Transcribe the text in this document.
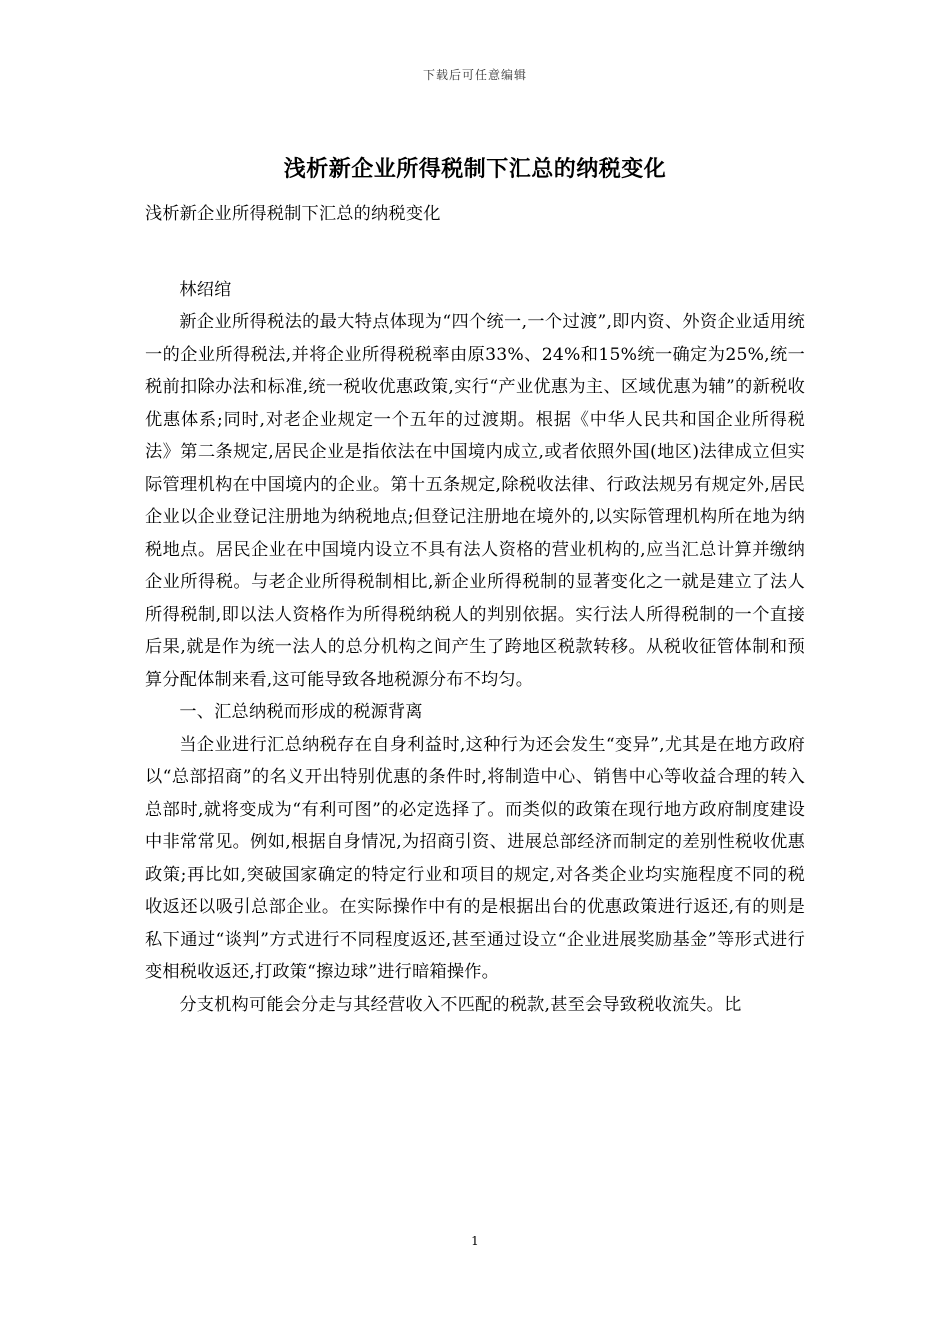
下载后可任意编辑
浅析新企业所得税制下汇总的纳税变化

浅析新企业所得税制下汇总的纳税变化

林绍绾

新企业所得税法的最大特点体现为“四个统一,一个过渡”,即内资、外资企业适用统一的企业所得税法,并将企业所得税税率由原33%、24%和15%统一确定为25%,统一税前扣除办法和标准,统一税收优惠政策,实行“产业优惠为主、区域优惠为辅”的新税收优惠体系;同时,对老企业规定一个五年的过渡期。根据《中华人民共和国企业所得税法》第二条规定,居民企业是指依法在中国境内成立,或者依照外国(地区)法律成立但实际管理机构在中国境内的企业。第十五条规定,除税收法律、行政法规另有规定外,居民企业以企业登记注册地为纳税地点;但登记注册地在境外的,以实际管理机构所在地为纳税地点。居民企业在中国境内设立不具有法人资格的营业机构的,应当汇总计算并缴纳企业所得税。与老企业所得税制相比,新企业所得税制的显著变化之一就是建立了法人所得税制,即以法人资格作为所得税纳税人的判别依据。实行法人所得税制的一个直接后果,就是作为统一法人的总分机构之间产生了跨地区税款转移。从税收征管体制和预算分配体制来看,这可能导致各地税源分布不均匀。

一、汇总纳税而形成的税源背离

当企业进行汇总纳税存在自身利益时,这种行为还会发生“变异”,尤其是在地方政府以“总部招商”的名义开出特别优惠的条件时,将制造中心、销售中心等收益合理的转入总部时,就将变成为“有利可图”的必定选择了。而类似的政策在现行地方政府制度建设中非常常见。例如,根据自身情况,为招商引资、进展总部经济而制定的差别性税收优惠政策;再比如,突破国家确定的特定行业和项目的规定,对各类企业均实施程度不同的税收返还以吸引总部企业。在实际操作中有的是根据出台的优惠政策进行返还,有的则是私下通过“谈判”方式进行不同程度返还,甚至通过设立“企业进展奖励基金”等形式进行变相税收返还,打政策“擦边球”进行暗箱操作。

分支机构可能会分走与其经营收入不匹配的税款,甚至会导致税收流失。比

1
